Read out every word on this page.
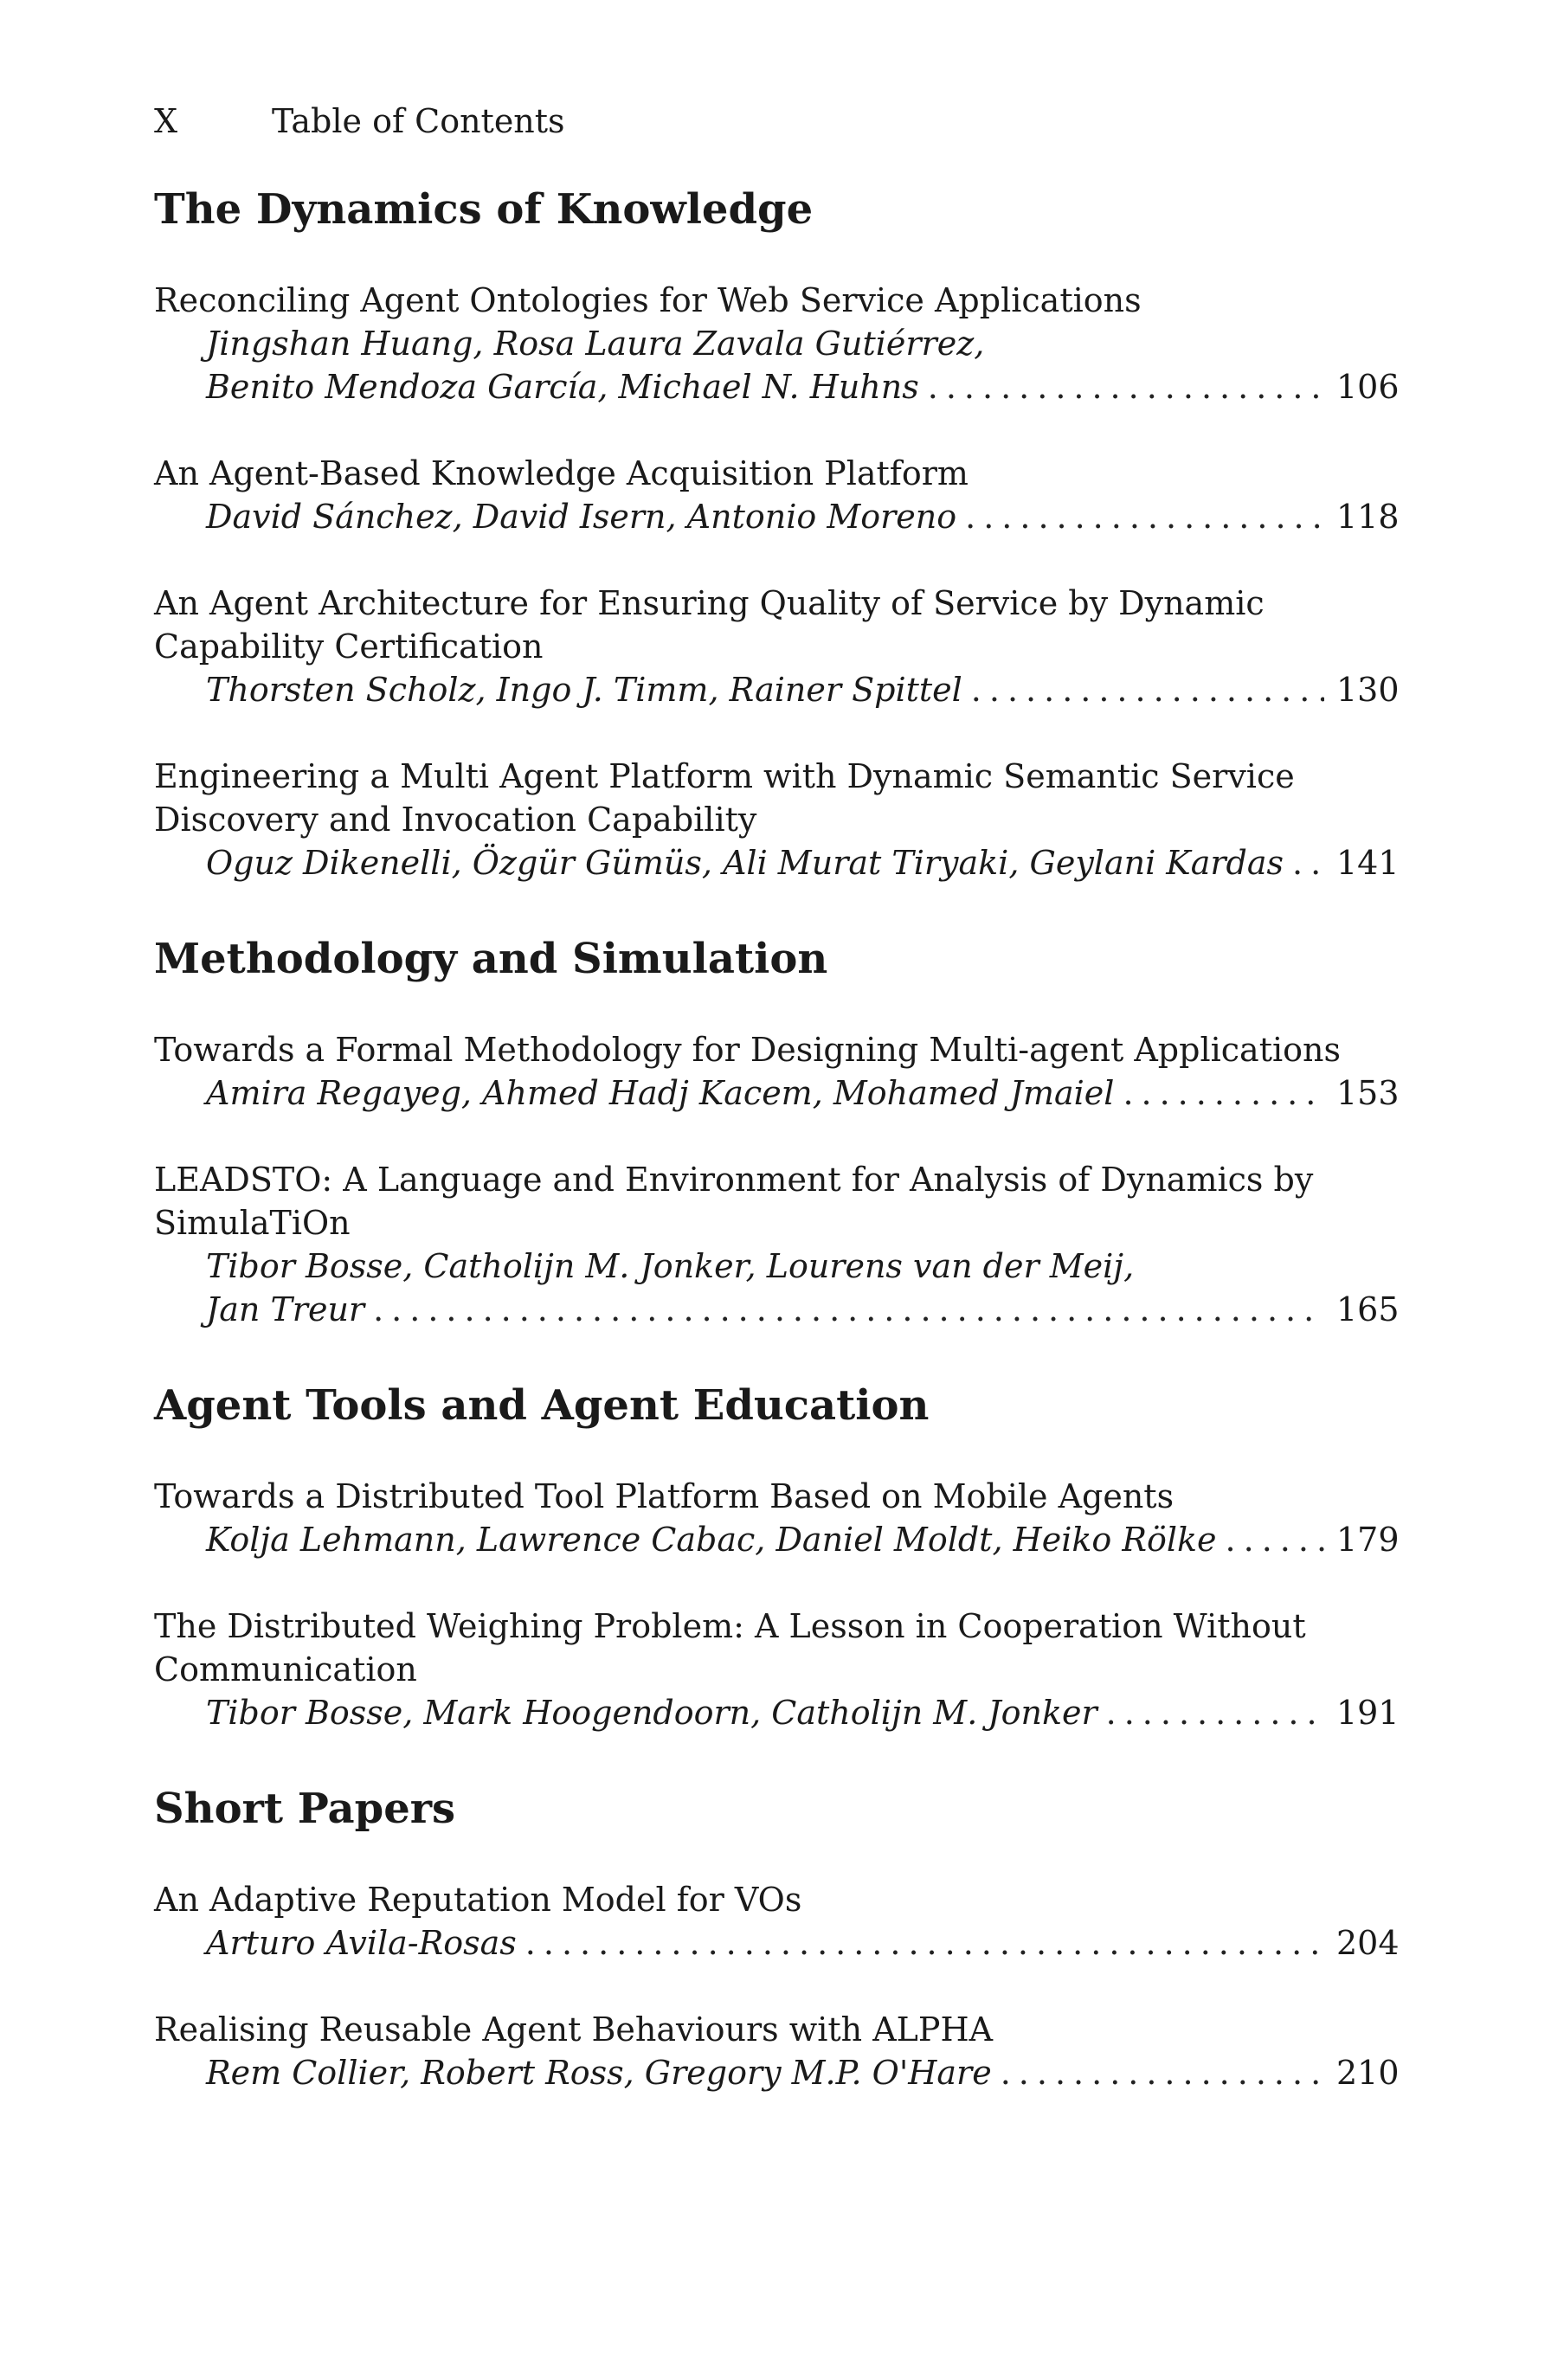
X	Table of Contents
The Dynamics of Knowledge
Reconciling Agent Ontologies for Web Service Applications
Jingshan Huang, Rosa Laura Zavala Gutiérrez,
Benito Mendoza García, Michael N. Huhns .....	106
An Agent-Based Knowledge Acquisition Platform
David Sánchez, David Isern, Antonio Moreno .....	118
An Agent Architecture for Ensuring Quality of Service by Dynamic
Capability Certification
Thorsten Scholz, Ingo J. Timm, Rainer Spittel .....	130
Engineering a Multi Agent Platform with Dynamic Semantic Service
Discovery and Invocation Capability
Oguz Dikenelli, Özgür Gümüs, Ali Murat Tiryaki, Geylani Kardas ..... 141
Methodology and Simulation
Towards a Formal Methodology for Designing Multi-agent Applications
Amira Regayeg, Ahmed Hadj Kacem, Mohamed Jmaiel .....	153
LEADSTO: A Language and Environment for Analysis of Dynamics by
SimulaTiOn
Tibor Bosse, Catholijn M. Jonker, Lourens van der Meij,
Jan Treur .....	165
Agent Tools and Agent Education
Towards a Distributed Tool Platform Based on Mobile Agents
Kolja Lehmann, Lawrence Cabac, Daniel Moldt, Heiko Rölke .....	179
The Distributed Weighing Problem: A Lesson in Cooperation Without
Communication
Tibor Bosse, Mark Hoogendoorn, Catholijn M. Jonker .....	191
Short Papers
An Adaptive Reputation Model for VOs
Arturo Avila-Rosas .....	204
Realising Reusable Agent Behaviours with ALPHA
Rem Collier, Robert Ross, Gregory M.P. O'Hare .....	210
